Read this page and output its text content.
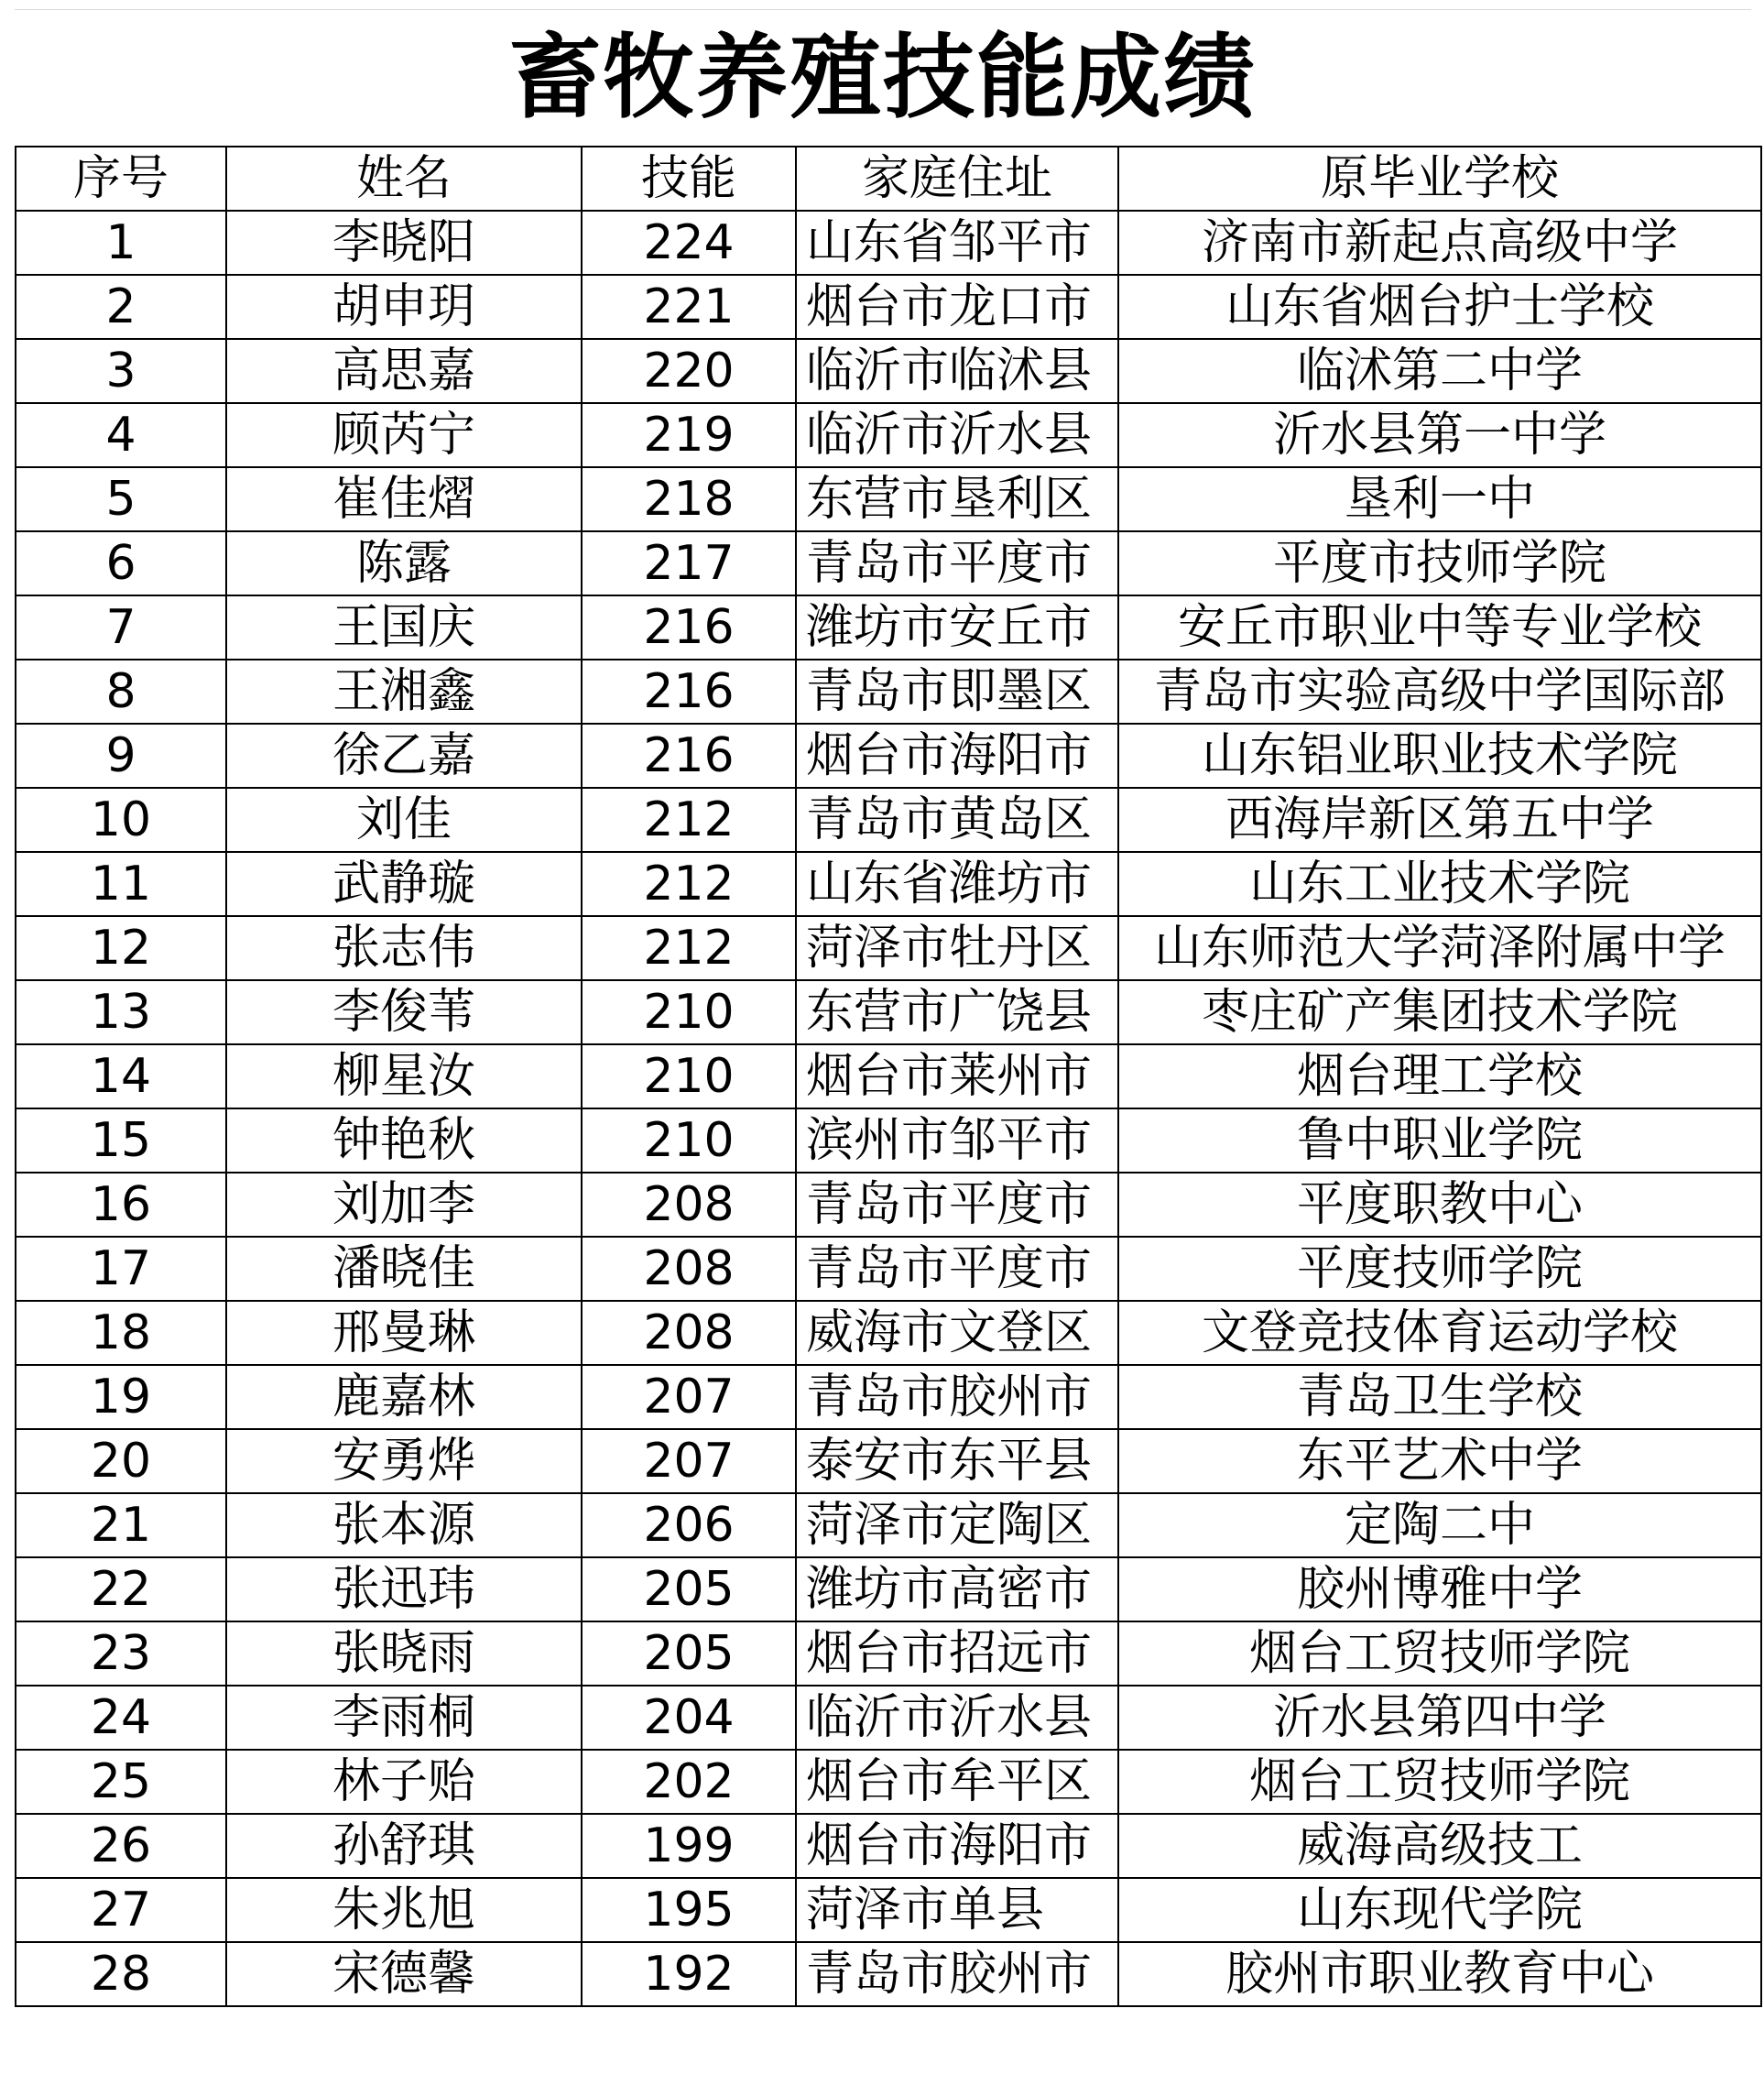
畜牧养殖技能成绩
序号	姓名	技能	家庭住址	原毕业学校
1	李晓阳	224	山东省邹平市	济南市新起点高级中学
2	胡申玥	221	烟台市龙口市	山东省烟台护士学校
3	高思嘉	220	临沂市临沭县	临沭第二中学
4	顾芮宁	219	临沂市沂水县	沂水县第一中学
5	崔佳熠	218	东营市垦利区	垦利一中
6	陈露	217	青岛市平度市	平度市技师学院
7	王国庆	216	潍坊市安丘市	安丘市职业中等专业学校
8	王湘鑫	216	青岛市即墨区	青岛市实验高级中学国际部
9	徐乙嘉	216	烟台市海阳市	山东铝业职业技术学院
10	刘佳	212	青岛市黄岛区	西海岸新区第五中学
11	武静璇	212	山东省潍坊市	山东工业技术学院
12	张志伟	212	菏泽市牡丹区	山东师范大学菏泽附属中学
13	李俊苇	210	东营市广饶县	枣庄矿产集团技术学院
14	柳星汝	210	烟台市莱州市	烟台理工学校
15	钟艳秋	210	滨州市邹平市	鲁中职业学院
16	刘加李	208	青岛市平度市	平度职教中心
17	潘晓佳	208	青岛市平度市	平度技师学院
18	邢曼琳	208	威海市文登区	文登竞技体育运动学校
19	鹿嘉林	207	青岛市胶州市	青岛卫生学校
20	安勇烨	207	泰安市东平县	东平艺术中学
21	张本源	206	菏泽市定陶区	定陶二中
22	张迅玮	205	潍坊市高密市	胶州博雅中学
23	张晓雨	205	烟台市招远市	烟台工贸技师学院
24	李雨桐	204	临沂市沂水县	沂水县第四中学
25	林子贻	202	烟台市牟平区	烟台工贸技师学院
26	孙舒琪	199	烟台市海阳市	威海高级技工
27	朱兆旭	195	菏泽市单县	山东现代学院
28	宋德馨	192	青岛市胶州市	胶州市职业教育中心
